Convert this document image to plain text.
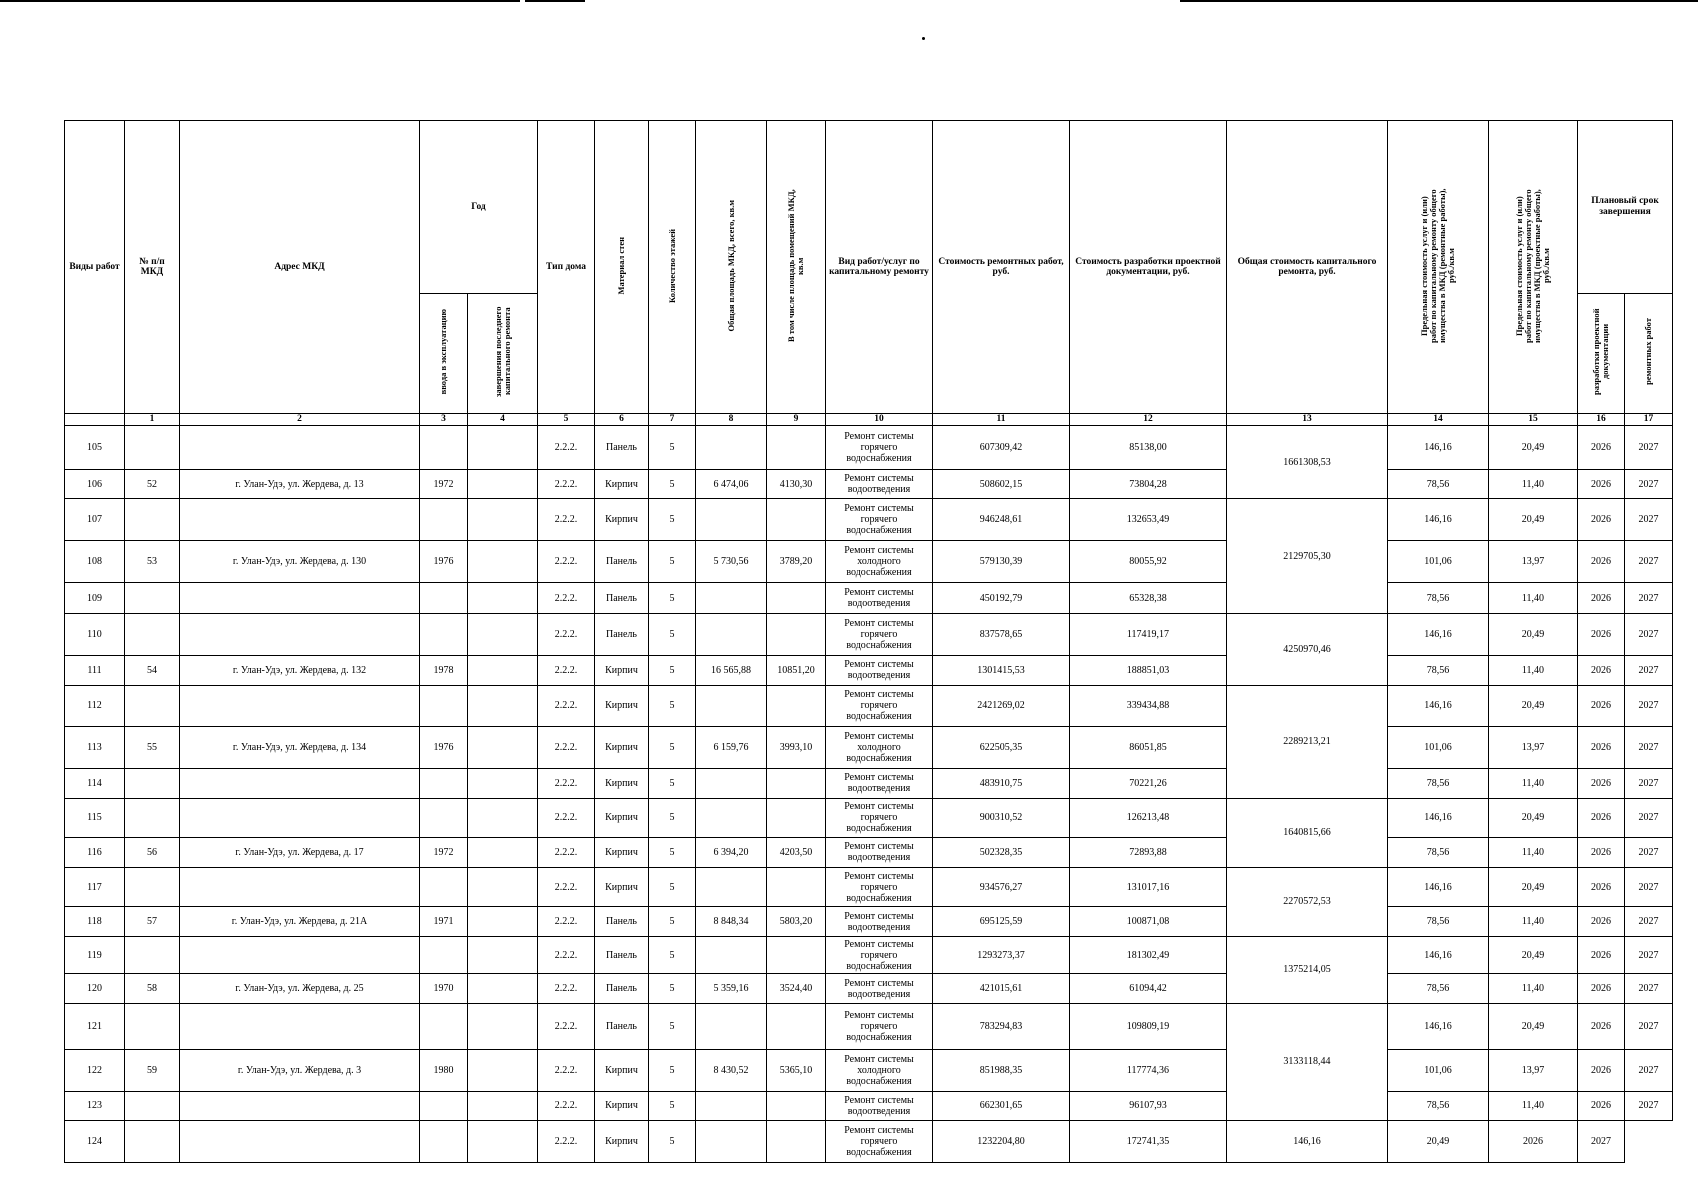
Виды работ	№ п/п МКД	Адрес МКД	Год		Тип дома	Материал стен	Количество этажей	Общая площадь МКД, всего, кв.м	В том числе площадь помещений МКД, кв.м	Вид работ/услуг по капитальному ремонту	Стоимость ремонтных работ, руб.	Стоимость разработки проектной документации, руб.	Общая стоимость капитального ремонта, руб.	Предельная стоимость услуг и (или) работ по капитальному ремонту общего имущества в МКД (ремонтные работы), руб./кв.м	Предельная стоимость услуг и (или) работ по капитальному ремонту общего имущества в МКД (проектные работы), руб./кв.м	Плановый срок завершения	
			ввода в эксплуатацию	завершения последнего капитального ремонта												разработки проектной документации	ремонтных работ
	1	2	3	4	5	6	7	8	9	10	11	12	13	14	15	16	17
105					2.2.2.	Панель	5			Ремонт системы горячего водоснабжения	607309,42	85138,00	1661308,53	146,16	20,49	2026	2027
106	52	г. Улан-Удэ, ул. Жердева, д. 13	1972		2.2.2.	Кирпич	5	6 474,06	4130,30	Ремонт системы водоотведения	508602,15	73804,28		78,56	11,40	2026	2027
107					2.2.2.	Кирпич	5			Ремонт системы горячего водоснабжения	946248,61	132653,49	2129705,30	146,16	20,49	2026	2027
108	53	г. Улан-Удэ, ул. Жердева, д. 130	1976		2.2.2.	Панель	5	5 730,56	3789,20	Ремонт системы холодного водоснабжения	579130,39	80055,92		101,06	13,97	2026	2027
109					2.2.2.	Панель	5			Ремонт системы водоотведения	450192,79	65328,38		78,56	11,40	2026	2027
110					2.2.2.	Панель	5			Ремонт системы горячего водоснабжения	837578,65	117419,17	4250970,46	146,16	20,49	2026	2027
111	54	г. Улан-Удэ, ул. Жердева, д. 132	1978		2.2.2.	Кирпич	5	16 565,88	10851,20	Ремонт системы водоотведения	1301415,53	188851,03		78,56	11,40	2026	2027
112					2.2.2.	Кирпич	5			Ремонт системы горячего водоснабжения	2421269,02	339434,88	2289213,21	146,16	20,49	2026	2027
113	55	г. Улан-Удэ, ул. Жердева, д. 134	1976		2.2.2.	Кирпич	5	6 159,76	3993,10	Ремонт системы холодного водоснабжения	622505,35	86051,85		101,06	13,97	2026	2027
114					2.2.2.	Кирпич	5			Ремонт системы водоотведения	483910,75	70221,26		78,56	11,40	2026	2027
115					2.2.2.	Кирпич	5			Ремонт системы горячего водоснабжения	900310,52	126213,48	1640815,66	146,16	20,49	2026	2027
116	56	г. Улан-Удэ, ул. Жердева, д. 17	1972		2.2.2.	Кирпич	5	6 394,20	4203,50	Ремонт системы водоотведения	502328,35	72893,88		78,56	11,40	2026	2027
117					2.2.2.	Кирпич	5			Ремонт системы горячего водоснабжения	934576,27	131017,16	2270572,53	146,16	20,49	2026	2027
118	57	г. Улан-Удэ, ул. Жердева, д. 21А	1971		2.2.2.	Панель	5	8 848,34	5803,20	Ремонт системы водоотведения	695125,59	100871,08		78,56	11,40	2026	2027
119					2.2.2.	Панель	5			Ремонт системы горячего водоснабжения	1293273,37	181302,49	1375214,05	146,16	20,49	2026	2027
120	58	г. Улан-Удэ, ул. Жердева, д. 25	1970		2.2.2.	Панель	5	5 359,16	3524,40	Ремонт системы водоотведения	421015,61	61094,42		78,56	11,40	2026	2027
121					2.2.2.	Панель	5			Ремонт системы горячего водоснабжения	783294,83	109809,19	3133118,44	146,16	20,49	2026	2027
122	59	г. Улан-Удэ, ул. Жердева, д. 3	1980		2.2.2.	Кирпич	5	8 430,52	5365,10	Ремонт системы холодного водоснабжения	851988,35	117774,36		101,06	13,97	2026	2027
123					2.2.2.	Кирпич	5			Ремонт системы водоотведения	662301,65	96107,93		78,56	11,40	2026	2027
124					2.2.2.	Кирпич	5			Ремонт системы горячего водоснабжения	1232204,80	172741,35	146,16	20,49	2026	2027	
